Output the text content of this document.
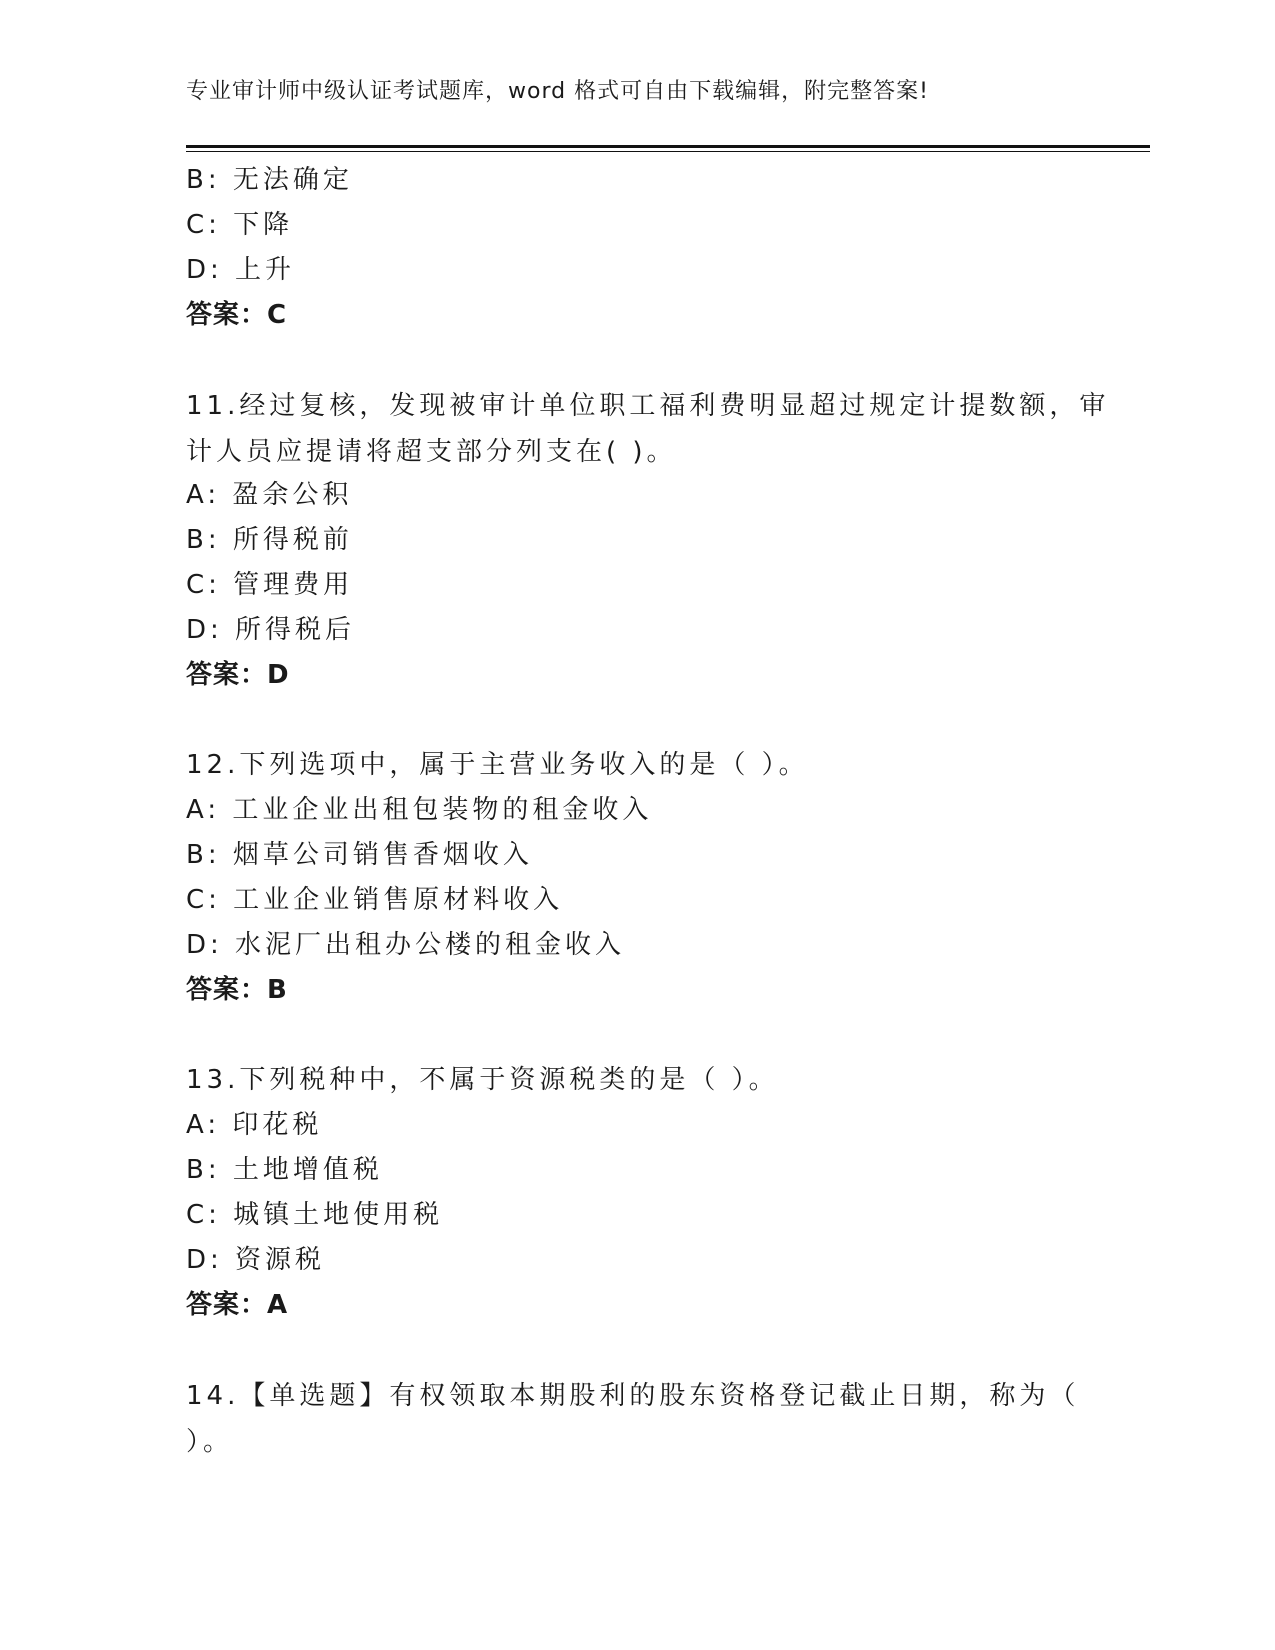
专业审计师中级认证考试题库，word 格式可自由下载编辑，附完整答案!
B: 无法确定
C: 下降
D: 上升
答案：C
11.经过复核，发现被审计单位职工福利费明显超过规定计提数额，审
计人员应提请将超支部分列支在( )。
A: 盈余公积
B: 所得税前
C: 管理费用
D: 所得税后
答案：D
12.下列选项中，属于主营业务收入的是（ ）。
A: 工业企业出租包装物的租金收入
B: 烟草公司销售香烟收入
C: 工业企业销售原材料收入
D: 水泥厂出租办公楼的租金收入
答案：B
13.下列税种中，不属于资源税类的是（ ）。
A: 印花税
B: 土地增值税
C: 城镇土地使用税
D: 资源税
答案：A
14.【单选题】有权领取本期股利的股东资格登记截止日期，称为（
）。
